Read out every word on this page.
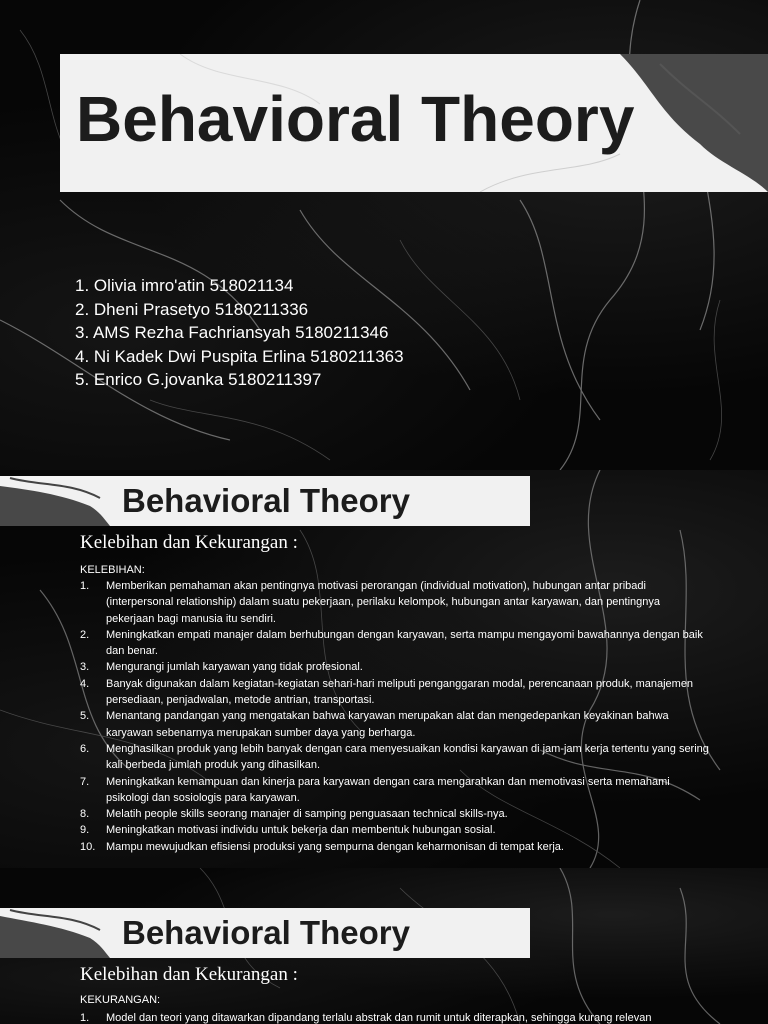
Behavioral Theory
1. Olivia imro'atin 518021134
2. Dheni Prasetyo 5180211336
3. AMS Rezha Fachriansyah 5180211346
4. Ni Kadek Dwi Puspita Erlina 5180211363
5. Enrico G.jovanka 5180211397
Behavioral Theory
Kelebihan dan Kekurangan :
KELEBIHAN:
1.	Memberikan pemahaman akan pentingnya motivasi perorangan (individual motivation), hubungan antar pribadi (interpersonal relationship) dalam suatu pekerjaan, perilaku kelompok, hubungan antar karyawan, dan pentingnya pekerjaan bagi manusia itu sendiri.
2.	Meningkatkan empati manajer dalam berhubungan dengan karyawan, serta mampu mengayomi bawahannya dengan baik dan benar.
3.	Mengurangi jumlah karyawan yang tidak profesional.
4.	Banyak digunakan dalam kegiatan-kegiatan sehari-hari meliputi penganggaran modal, perencanaan produk, manajemen persediaan, penjadwalan, metode antrian, transportasi.
5.	Menantang pandangan yang mengatakan bahwa karyawan merupakan alat dan mengedepankan keyakinan bahwa karyawan sebenarnya merupakan sumber daya yang berharga.
6.	Menghasilkan produk yang lebih banyak dengan cara menyesuaikan kondisi karyawan di jam-jam kerja tertentu yang sering kali berbeda jumlah produk yang dihasilkan.
7.	Meningkatkan kemampuan dan kinerja para karyawan dengan cara mengarahkan dan memotivasi serta memahami psikologi dan sosiologis para karyawan.
8.	Melatih people skills seorang manajer di samping penguasaan technical skills-nya.
9.	Meningkatkan motivasi individu untuk bekerja dan membentuk hubungan sosial.
10. Mampu mewujudkan efisiensi produksi yang sempurna dengan keharmonisan di tempat kerja.
Behavioral Theory
Kelebihan dan Kekurangan :
KEKURANGAN:
1.	Model dan teori yang ditawarkan dipandang terlalu abstrak dan rumit untuk diterapkan, sehingga kurang relevan
